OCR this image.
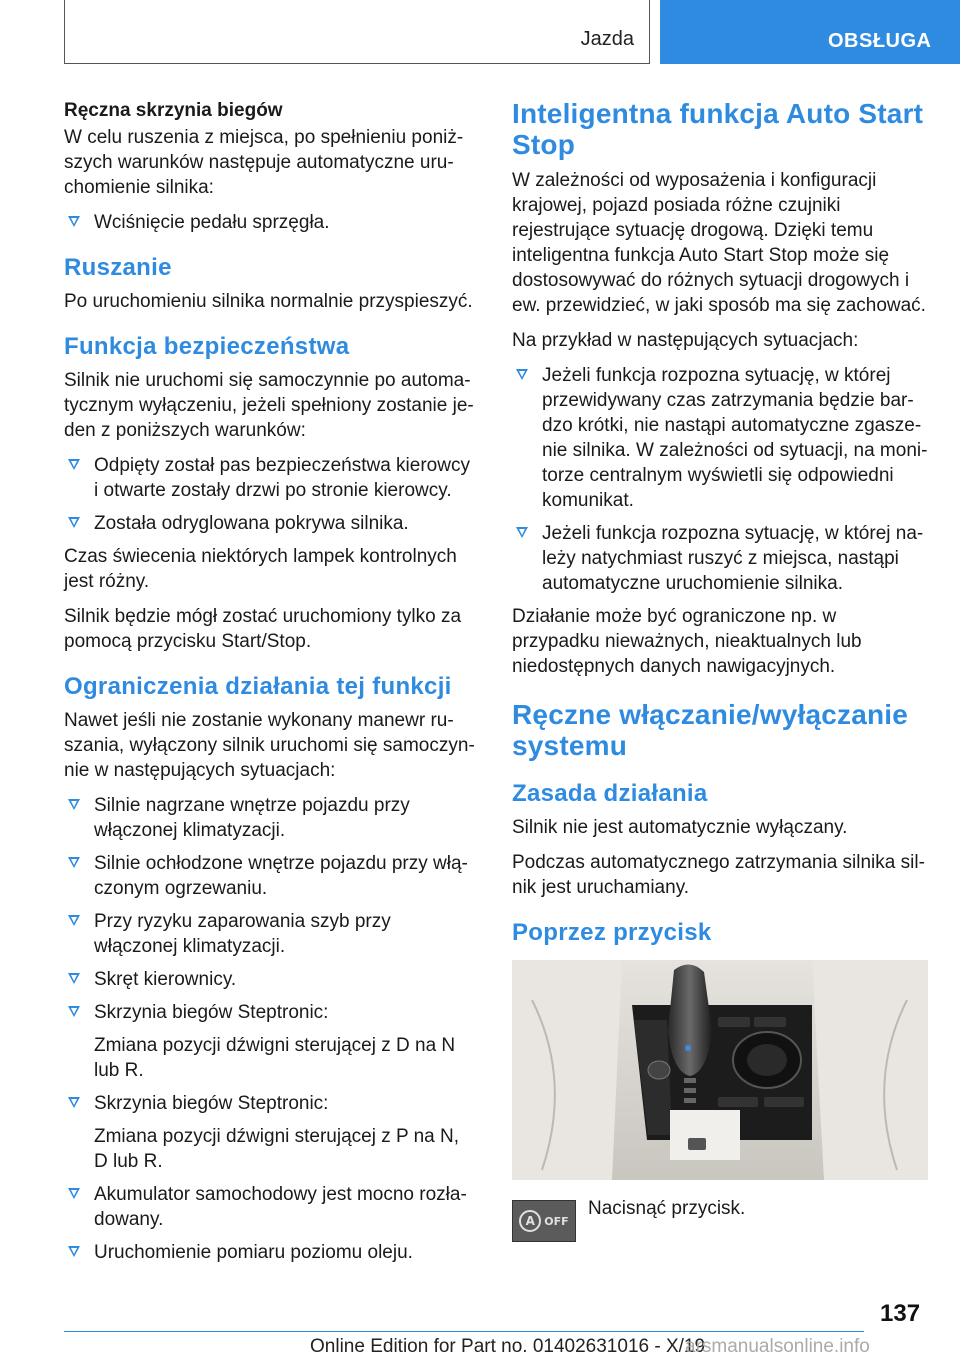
Jazda	OBSŁUGA
Ręczna skrzynia biegów

W celu ruszenia z miejsca, po spełnieniu poniższych warunków następuje automatyczne uruchomienie silnika:

Wciśnięcie pedału sprzęgła.
Ruszanie

Po uruchomieniu silnika normalnie przyspieszyć.

Funkcja bezpieczeństwa

Silnik nie uruchomi się samoczynnie po automatycznym wyłączeniu, jeżeli spełniony zostanie jeden z poniższych warunków:

Odpięty został pas bezpieczeństwa kierowcy i otwarte zostały drzwi po stronie kierowcy.
Została odryglowana pokrywa silnika.

Czas świecenia niektórych lampek kontrolnych jest różny.

Silnik będzie mógł zostać uruchomiony tylko za pomocą przycisku Start/Stop.

Ograniczenia działania tej funkcji

Nawet jeśli nie zostanie wykonany manewr ruszania, wyłączony silnik uruchomi się samoczynnie w następujących sytuacjach:

Silnie nagrzane wnętrze pojazdu przy włączonej klimatyzacji.
Silnie ochłodzone wnętrze pojazdu przy włączonym ogrzewaniu.
Przy ryzyku zaparowania szyb przy włączonej klimatyzacji.
Skręt kierownicy.
Skrzynia biegów Steptronic:
Zmiana pozycji dźwigni sterującej z D na N lub R.
Skrzynia biegów Steptronic:
Zmiana pozycji dźwigni sterującej z P na N, D lub R.
Akumulator samochodowy jest mocno rozładowany.
Uruchomienie pomiaru poziomu oleju.
Inteligentna funkcja Auto Start Stop

W zależności od wyposażenia i konfiguracji krajowej, pojazd posiada różne czujniki rejestrujące sytuację drogową. Dzięki temu inteligentna funkcja Auto Start Stop może się dostosowywać do różnych sytuacji drogowych i ew. przewidzieć, w jaki sposób ma się zachować.

Na przykład w następujących sytuacjach:

Jeżeli funkcja rozpozna sytuację, w której przewidywany czas zatrzymania będzie bardzo krótki, nie nastąpi automatyczne zgaszenie silnika. W zależności od sytuacji, na monitorze centralnym wyświetli się odpowiedni komunikat.
Jeżeli funkcja rozpozna sytuację, w której należy natychmiast ruszyć z miejsca, nastąpi automatyczne uruchomienie silnika.

Działanie może być ograniczone np. w przypadku nieważnych, nieaktualnych lub niedostępnych danych nawigacyjnych.

Ręczne włączanie/wyłączanie systemu
Zasada działania

Silnik nie jest automatycznie wyłączany.

Podczas automatycznego zatrzymania silnika silnik jest uruchamiany.

Poprzez przycisk
A OFF
Nacisnąć przycisk.
137
Online Edition for Part no. 01402631016 - X/19
arsmanualsonline.info
